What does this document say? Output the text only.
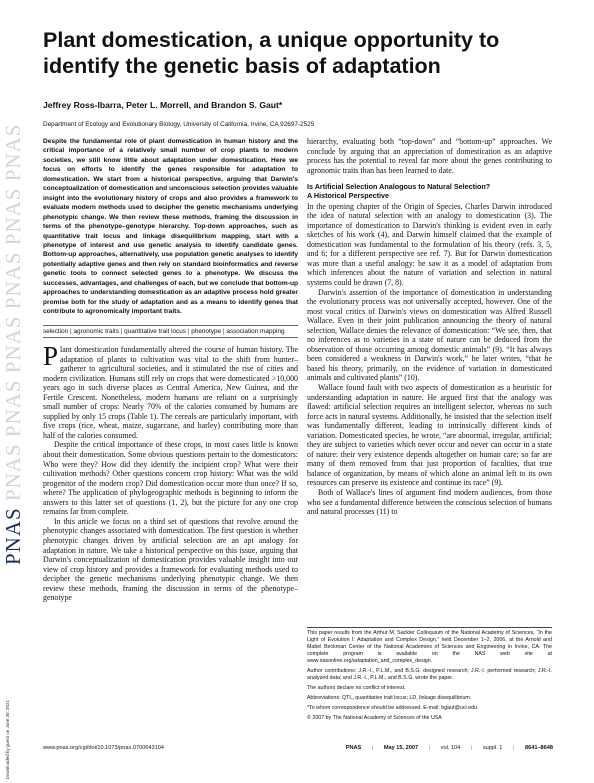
PNAS PNAS PNAS PNAS PNAS PNAS PNAS
Downloaded by guest on June 30, 2021
Plant domestication, a unique opportunity to identify the genetic basis of adaptation
Jeffrey Ross-Ibarra, Peter L. Morrell, and Brandon S. Gaut*
Department of Ecology and Evolutionary Biology, University of California, Irvine, CA 92697-2525

Despite the fundamental role of plant domestication in human history and the critical importance of a relatively small number of crop plants to modern societies, we still know little about adaptation under domestication. Here we focus on efforts to identify the genes responsible for adaptation to domestication. We start from a historical perspective, arguing that Darwin's conceptualization of domestication and unconscious selection provides valuable insight into the evolutionary history of crops and also provides a framework to evaluate modern methods used to decipher the genetic mechanisms underlying phenotypic change. We then review these methods, framing the discussion in terms of the phenotype–genotype hierarchy. Top-down approaches, such as quantitative trait locus and linkage disequilibrium mapping, start with a phenotype of interest and use genetic analysis to identify candidate genes. Bottom-up approaches, alternatively, use population genetic analyses to identify potentially adaptive genes and then rely on standard bioinformatics and reverse genetic tools to connect selected genes to a phenotype. We discuss the successes, advantages, and challenges of each, but we conclude that bottom-up approaches to understanding domestication as an adaptive process hold greater promise both for the study of adaptation and as a means to identify genes that contribute to agronomically important traits.

selection | agronomic traits | quantitative trait locus | phenotype | association mapping

Plant domestication fundamentally altered the course of human history. The adaptation of plants to cultivation was vital to the shift from hunter–gatherer to agricultural societies, and it stimulated the rise of cities and modern civilization. Humans still rely on crops that were domesticated >10,000 years ago in such diverse places as Central America, New Guinea, and the Fertile Crescent. Nonetheless, modern humans are reliant on a surprisingly small number of crops: Nearly 70% of the calories consumed by humans are supplied by only 15 crops (Table 1). The cereals are particularly important, with five crops (rice, wheat, maize, sugarcane, and barley) contributing more than half of the calories consumed.

Despite the critical importance of these crops, in most cases little is known about their domestication. Some obvious questions pertain to the domesticators: Who were they? How did they identify the incipient crop? What were their cultivation methods? Other questions concern crop history: What was the wild progenitor of the modern crop? Did domestication occur more than once? If so, where? The application of phylogeographic methods is beginning to inform the answers to this latter set of questions (1, 2), but the picture for any one crop remains far from complete.

In this article we focus on a third set of questions that revolve around the phenotypic changes associated with domestication. The first question is whether phenotypic changes driven by artificial selection are an apt analogy for adaptation in nature. We take a historical perspective on this issue, arguing that Darwin's conceptualization of domestication provides valuable insight into our view of crop history and provides a framework for evaluating methods used to decipher the genetic mechanisms underlying phenotypic change. We then review these methods, framing the discussion in terms of the phenotype–genotype

hierarchy, evaluating both “top-down” and “bottom-up” approaches. We conclude by arguing that an appreciation of domestication as an adaptive process has the potential to reveal far more about the genes contributing to agronomic traits than has been learned to date.

Is Artificial Selection Analogous to Natural Selection?
A Historical Perspective

In the opening chapter of the Origin of Species, Charles Darwin introduced the idea of natural selection with an analogy to domestication (3). The importance of domestication to Darwin's thinking is evident even in early sketches of his work (4), and Darwin himself claimed that the example of domestication was fundamental to the formulation of his theory (refs. 3, 5, and 6; for a different perspective see ref. 7). But for Darwin domestication was more than a useful analogy: he saw it as a model of adaptation from which inferences about the nature of variation and selection in natural systems could be drawn (7, 8).

Darwin's assertion of the importance of domestication in understanding the evolutionary process was not universally accepted, however. One of the most vocal critics of Darwin's views on domestication was Alfred Russell Wallace. Even in their joint publication announcing the theory of natural selection, Wallace denies the relevance of domestication: “We see, then, that no inferences as to varieties in a state of nature can be deduced from the observation of those occurring among domestic animals” (9). “It has always been considered a weakness in Darwin's work,” he later writes, “that he based his theory, primarily, on the evidence of variation in domesticated animals and cultivated plants” (10).

Wallace found fault with two aspects of domestication as a heuristic for understanding adaptation in nature. He argued first that the analogy was flawed: artificial selection requires an intelligent selector, whereas no such force acts in natural systems. Additionally, he insisted that the selection itself was fundamentally different, leading to intrinsically different kinds of variation. Domesticated species, he wrote, “are abnormal, irregular, artificial; they are subject to varieties which never occur and never can occur in a state of nature: their very existence depends altogether on human care; so far are many of them removed from that just proportion of faculties, that true balance of organization, by means of which alone an animal left to its own resources can preserve its existence and continue its race” (9).

Both of Wallace's lines of argument find modern audiences, from those who see a fundamental difference between the conscious selection of humans and natural processes (11) to

This paper results from the Arthur M. Sackler Colloquium of the National Academy of Sciences, “In the Light of Evolution I: Adaptation and Complex Design,” held December 1–2, 2006, at the Arnold and Mabel Beckman Center of the National Academies of Sciences and Engineering in Irvine, CA. The complete program is available on the NAS web site at www.nasonline.org/adaptation_and_complex_design.

Author contributions: J.R.-I., P.L.M., and B.S.G. designed research; J.R.-I. performed research; J.R.-I. analyzed data; and J.R.-I., P.L.M., and B.S.G. wrote the paper.

The authors declare no conflict of interest.

Abbreviations: QTL, quantitative trait locus; LD, linkage disequilibrium.

*To whom correspondence should be addressed. E-mail: bgaut@uci.edu.

© 2007 by The National Academy of Sciences of the USA

www.pnas.org/cgi/doi/10.1073/pnas.0700643104	PNAS | May 15, 2007 | vol. 104 | suppl. 1 | 8641–8648
